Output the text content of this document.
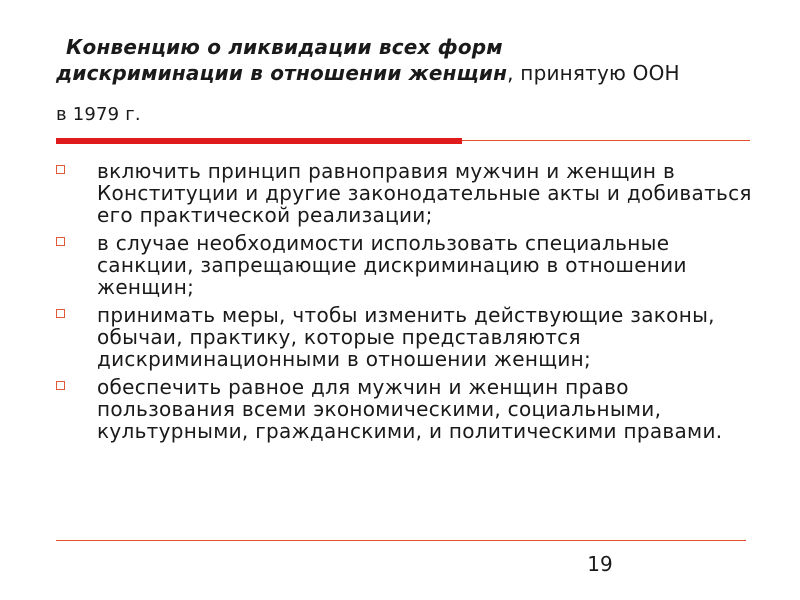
Конвенцию о ликвидации всех форм
дискриминации в отношении женщин, принятую ООН
в 1979 г.
включить принцип равноправия мужчин и женщин в Конституции и другие законодательные акты и добиваться его практической реализации;
в случае необходимости использовать специальные санкции, запрещающие дискриминацию в отношении женщин;
принимать меры, чтобы изменить действующие законы, обычаи, практику, которые представляются дискриминационными в отношении женщин;
обеспечить равное для мужчин и женщин право пользования всеми экономическими, социальными, культурными, гражданскими, и политическими правами.
19
